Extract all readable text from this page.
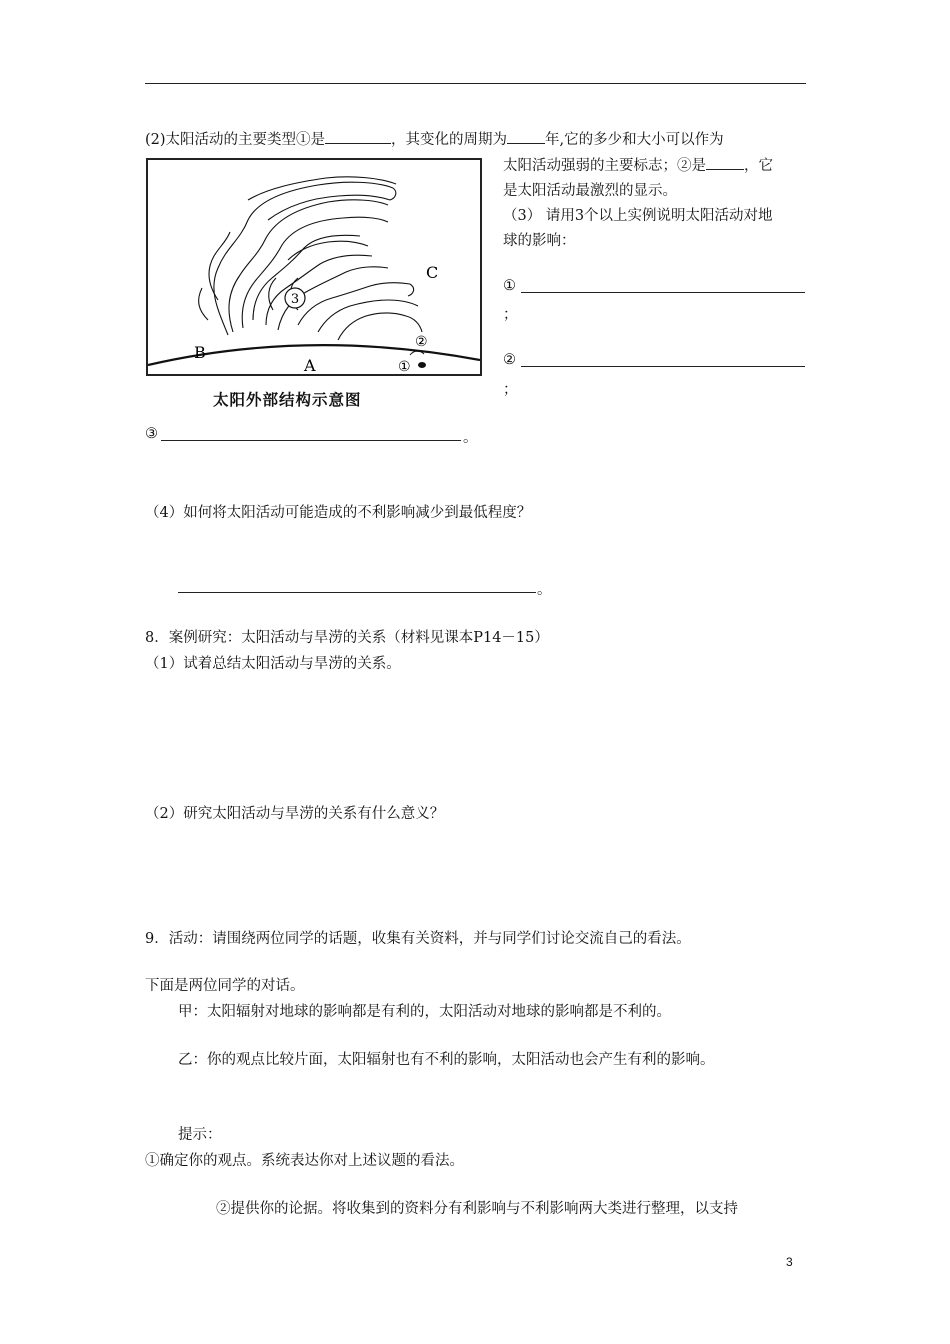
(2)太阳活动的主要类型①是	，其变化的周期为	年,它的多少和大小可以作为
太阳活动强弱的主要标志；②是	，它
是太阳活动最激烈的显示。
3
C
B
A
②
①
太阳外部结构示意图
（3） 请用3个以上实例说明太阳活动对地
球的影响：
①
；
②
；
③	。
（4）如何将太阳活动可能造成的不利影响减少到最低程度？
。
8．案例研究：太阳活动与旱涝的关系（材料见课本P14－15）
（1）试着总结太阳活动与旱涝的关系。
（2）研究太阳活动与旱涝的关系有什么意义？
9．活动：请围绕两位同学的话题，收集有关资料，并与同学们讨论交流自己的看法。
下面是两位同学的对话。
甲：太阳辐射对地球的影响都是有利的，太阳活动对地球的影响都是不利的。
乙：你的观点比较片面，太阳辐射也有不利的影响，太阳活动也会产生有利的影响。
提示：
①确定你的观点。系统表达你对上述议题的看法。
②提供你的论据。将收集到的资料分有利影响与不利影响两大类进行整理，以支持
3
